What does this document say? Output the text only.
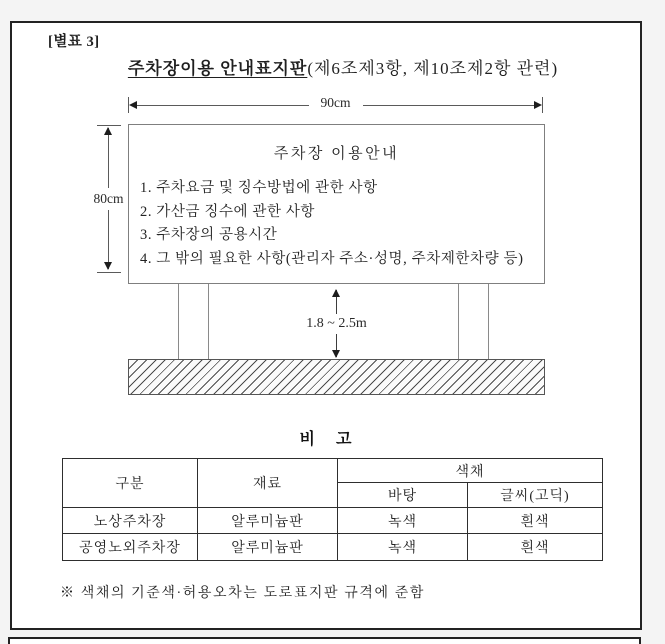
[별표 3]
주차장이용 안내표지판(제6조제3항, 제10조제2항 관련)
90cm
주차장 이용안내
1. 주차요금 및 징수방법에 관한 사항
2. 가산금 징수에 관한 사항
3. 주차장의 공용시간
4. 그 밖의 필요한 사항(관리자 주소·성명, 주차제한차량 등)
80cm
1.8 ~ 2.5m
비    고
구분	재료	색채	
		바탕	글씨(고딕)
노상주차장	알루미늄판	녹색	흰색
공영노외주차장	알루미늄판	녹색	흰색
※ 색채의 기준색·허용오차는 도로표지판 규격에 준함
